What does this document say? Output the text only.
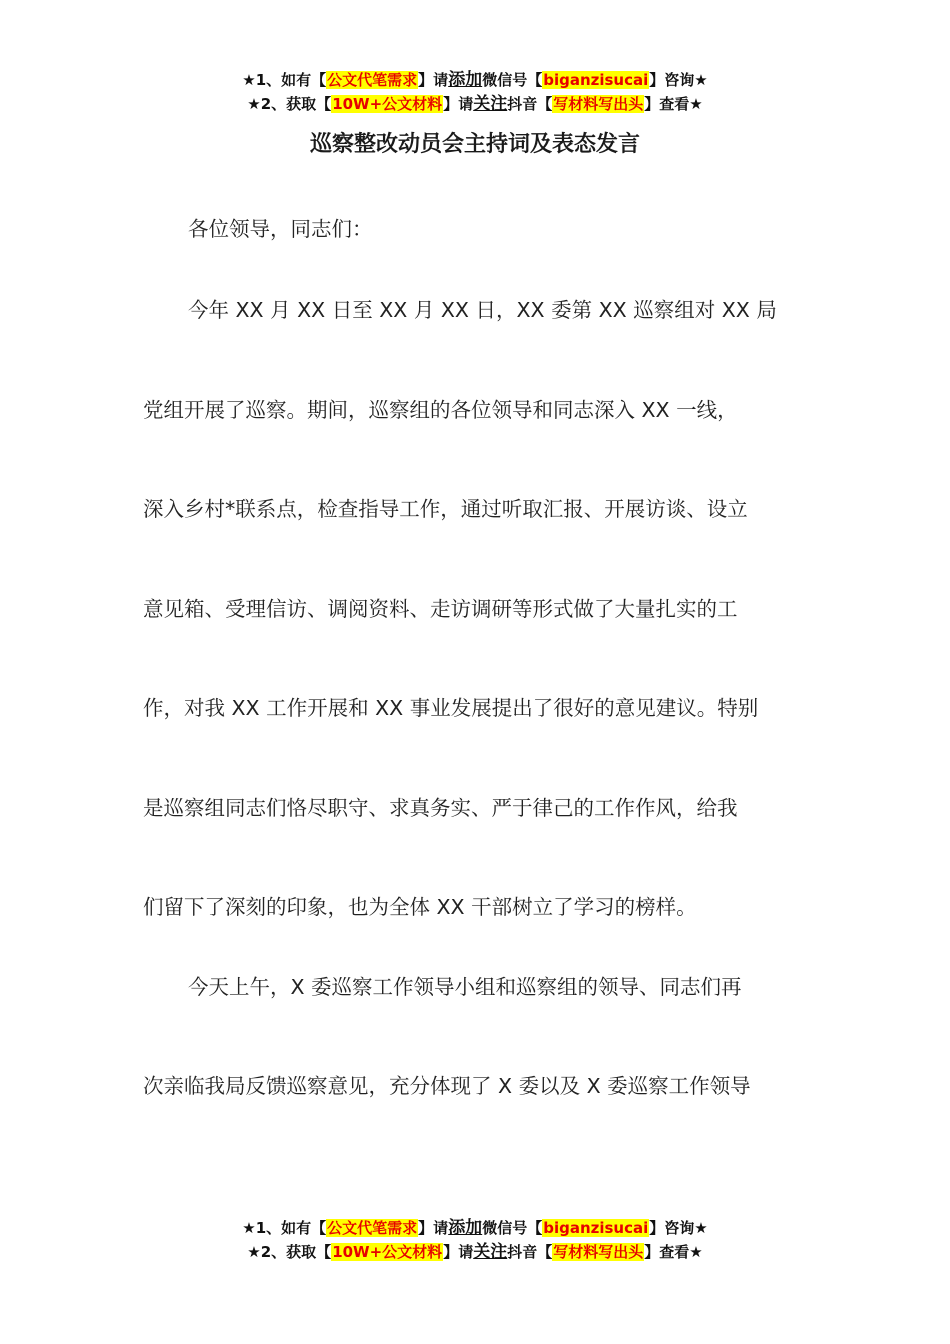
★1、如有【公文代笔需求】请添加微信号【biganzisucai】咨询★
★2、获取【10W+公文材料】请关注抖音【写材料写出头】查看★
巡察整改动员会主持词及表态发言
各位领导，同志们：
今年 XX 月 XX 日至 XX 月 XX 日，XX 委第 XX 巡察组对 XX 局
党组开展了巡察。期间，巡察组的各位领导和同志深入 XX 一线，
深入乡村*联系点，检查指导工作，通过听取汇报、开展访谈、设立
意见箱、受理信访、调阅资料、走访调研等形式做了大量扎实的工
作，对我 XX 工作开展和 XX 事业发展提出了很好的意见建议。特别
是巡察组同志们恪尽职守、求真务实、严于律己的工作作风，给我
们留下了深刻的印象，也为全体 XX 干部树立了学习的榜样。
今天上午，X 委巡察工作领导小组和巡察组的领导、同志们再
次亲临我局反馈巡察意见，充分体现了 X 委以及 X 委巡察工作领导
★1、如有【公文代笔需求】请添加微信号【biganzisucai】咨询★
★2、获取【10W+公文材料】请关注抖音【写材料写出头】查看★
